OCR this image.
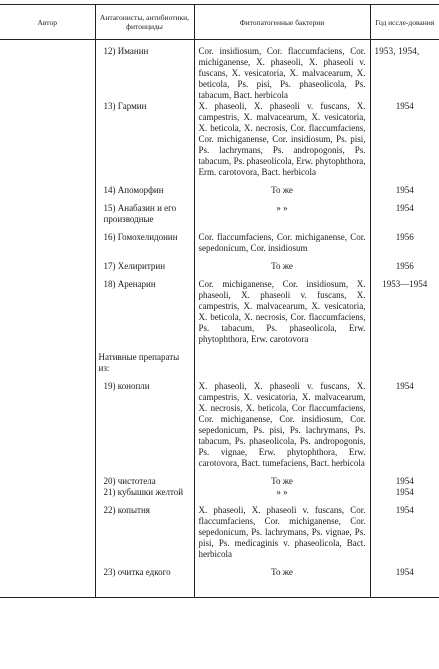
Автор	Антагонисты, антибиотики, фитонциды	Фитопатогенные бактерии	Год иссле-дования
	12) Иманин	Cor. insidiosum, Cor. flaccumfaciens, Cor. michiganense, X. phaseoli, X. phaseoli v. fuscans, X. vesicatoria, X. malvacearum, X. beticola, Ps. pisi, Ps. phaseolicola, Ps. tabacum, Bact. herbicola	1953, 1954,
	13) Гармин	X. phaseoli, X. phaseoli v. fuscans, X. campestris, X. malvacearum, X. vesicatoria, X. beticola, X. necrosis, Cor. flaccumfaciens, Cor. michiganense, Cor. insidiosum, Ps. pisi, Ps. lachrymans, Ps. andropogonis, Ps. tabacum, Ps. phaseolicola, Erw. phytophthora, Erm. carotovora, Bact. herbicola	1954

	14) Апоморфин	То же	1954

	15) Анабазин и его производные	» »	1954

	16) Гомохелидонин	Cor. flaccumfaciens, Cor. michiganense, Cor. sepedonicum, Cor. insidiosum	1956

	17) Хелиритрин	То же	1956

	18) Аренарин	Cor. michiganense, Cor. insidiosum, X. phaseoli, X. phaseoli v. fuscans, X. campestris, X. malvacearum, X. vesicatoria, X. beticola, X. necrosis, Cor. flaccumfaciens, Ps. tabacum, Ps. phaseolicola, Erw. phytophthora, Erw. carotovora	1953—1954

	Нативные препараты из:		

	19) конопли	X. phaseoli, X. phaseoli v. fuscans, X. campestris, X. vesicatoria, X. malvacearum, X. necrosis, X. beticola, Cor flaccumfaciens, Cor. michiganense, Cor. insidiosum, Cor. sepedonicum, Ps. pisi, Ps. lachrymans, Ps. tabacum, Ps. phaseolicola, Ps. andropogonis, Ps. vignae, Erw. phytophthora, Erw. carotovora, Bact. tumefaciens, Bact. herbicola	1954

	20) чистотела	То же	1954
	21) кубышки желтой	» »	1954

	22) копытня	X. phaseoli, X. phaseoli v. fuscans, Cor. flaccumfaciens, Cor. michiganense, Cor. sepedonicum, Ps. lachrymans, Ps. vignae, Ps. pisi, Ps. medicaginis v. phaseolicola, Bact. herbicola	1954

	23) очитка едкого	То же	1954
